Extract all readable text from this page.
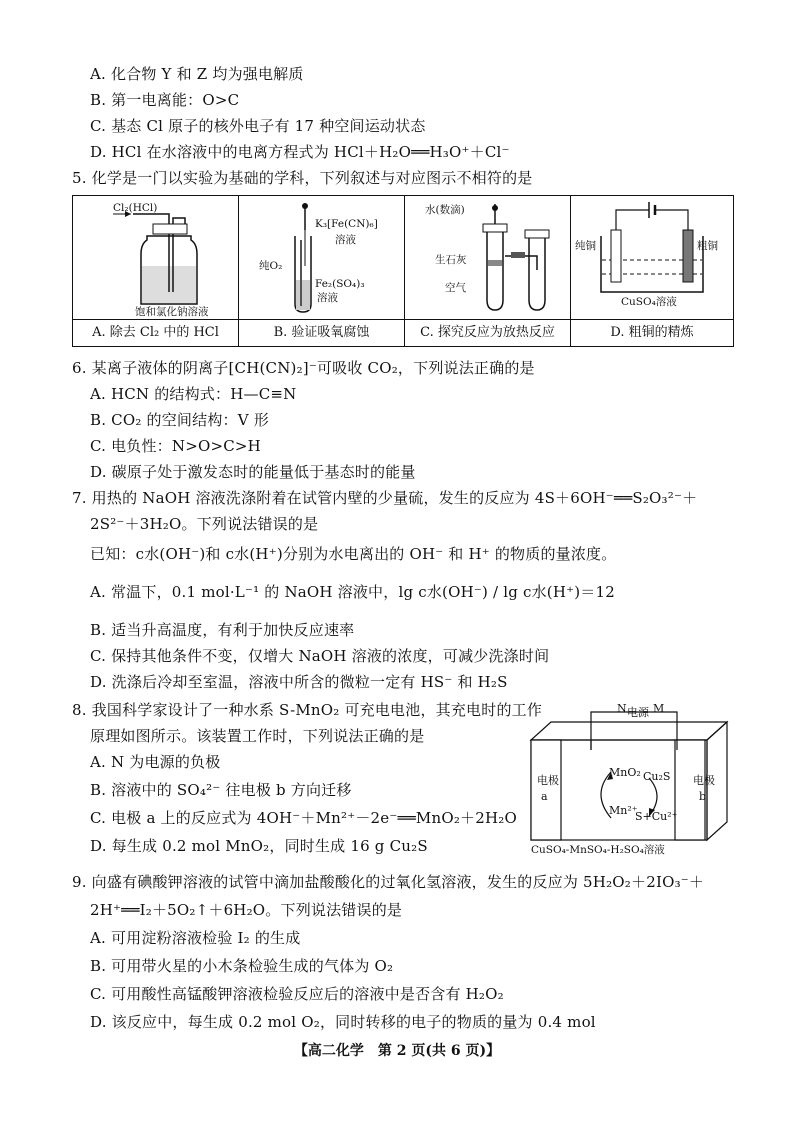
A. 化合物 Y 和 Z 均为强电解质
B. 第一电离能：O>C
C. 基态 Cl 原子的核外电子有 17 种空间运动状态
D. HCl 在水溶液中的电离方程式为 HCl＋H₂O══H₃O⁺＋Cl⁻
5. 化学是一门以实验为基础的学科，下列叙述与对应图示不相符的是
Cl₂(HCl)
饱和氯化钠溶液
A. 除去 Cl₂ 中的 HCl
K₃[Fe(CN)₆]
溶液
纯O₂
Fe₂(SO₄)₃
溶液
B. 验证吸氧腐蚀
水(数滴)
生石灰
空气
C. 探究反应为放热反应
纯铜	粗铜
CuSO₄溶液
D. 粗铜的精炼
6. 某离子液体的阴离子[CH(CN)₂]⁻可吸收 CO₂，下列说法正确的是
A. HCN 的结构式：H—C≡N
B. CO₂ 的空间结构：V 形
C. 电负性：N>O>C>H
D. 碳原子处于激发态时的能量低于基态时的能量
7. 用热的 NaOH 溶液洗涤附着在试管内壁的少量硫，发生的反应为 4S＋6OH⁻══S₂O₃²⁻＋
2S²⁻＋3H₂O。下列说法错误的是
已知：c水(OH⁻)和 c水(H⁺)分别为水电离出的 OH⁻ 和 H⁺ 的物质的量浓度。
A. 常温下，0.1 mol·L⁻¹ 的 NaOH 溶液中，lg c水(OH⁻) / lg c水(H⁺)＝12
B. 适当升高温度，有利于加快反应速率
C. 保持其他条件不变，仅增大 NaOH 溶液的浓度，可减少洗涤时间
D. 洗涤后冷却至室温，溶液中所含的微粒一定有 HS⁻ 和 H₂S
8. 我国科学家设计了一种水系 S-MnO₂ 可充电电池，其充电时的工作
原理如图所示。该装置工作时，下列说法正确的是
A. N 为电源的负极
B. 溶液中的 SO₄²⁻ 往电极 b 方向迁移
C. 电极 a 上的反应式为 4OH⁻＋Mn²⁺－2e⁻══MnO₂＋2H₂O
D. 每生成 0.2 mol MnO₂，同时生成 16 g Cu₂S
N 电源 M
电极
a
电极
b
MnO₂ Cu₂S
Mn²⁺
S+Cu²⁺
CuSO₄-MnSO₄-H₂SO₄溶液
9. 向盛有碘酸钾溶液的试管中滴加盐酸酸化的过氧化氢溶液，发生的反应为 5H₂O₂＋2IO₃⁻＋
2H⁺══I₂＋5O₂↑＋6H₂O。下列说法错误的是
A. 可用淀粉溶液检验 I₂ 的生成
B. 可用带火星的小木条检验生成的气体为 O₂
C. 可用酸性高锰酸钾溶液检验反应后的溶液中是否含有 H₂O₂
D. 该反应中，每生成 0.2 mol O₂，同时转移的电子的物质的量为 0.4 mol
【高二化学　第 2 页(共 6 页)】
